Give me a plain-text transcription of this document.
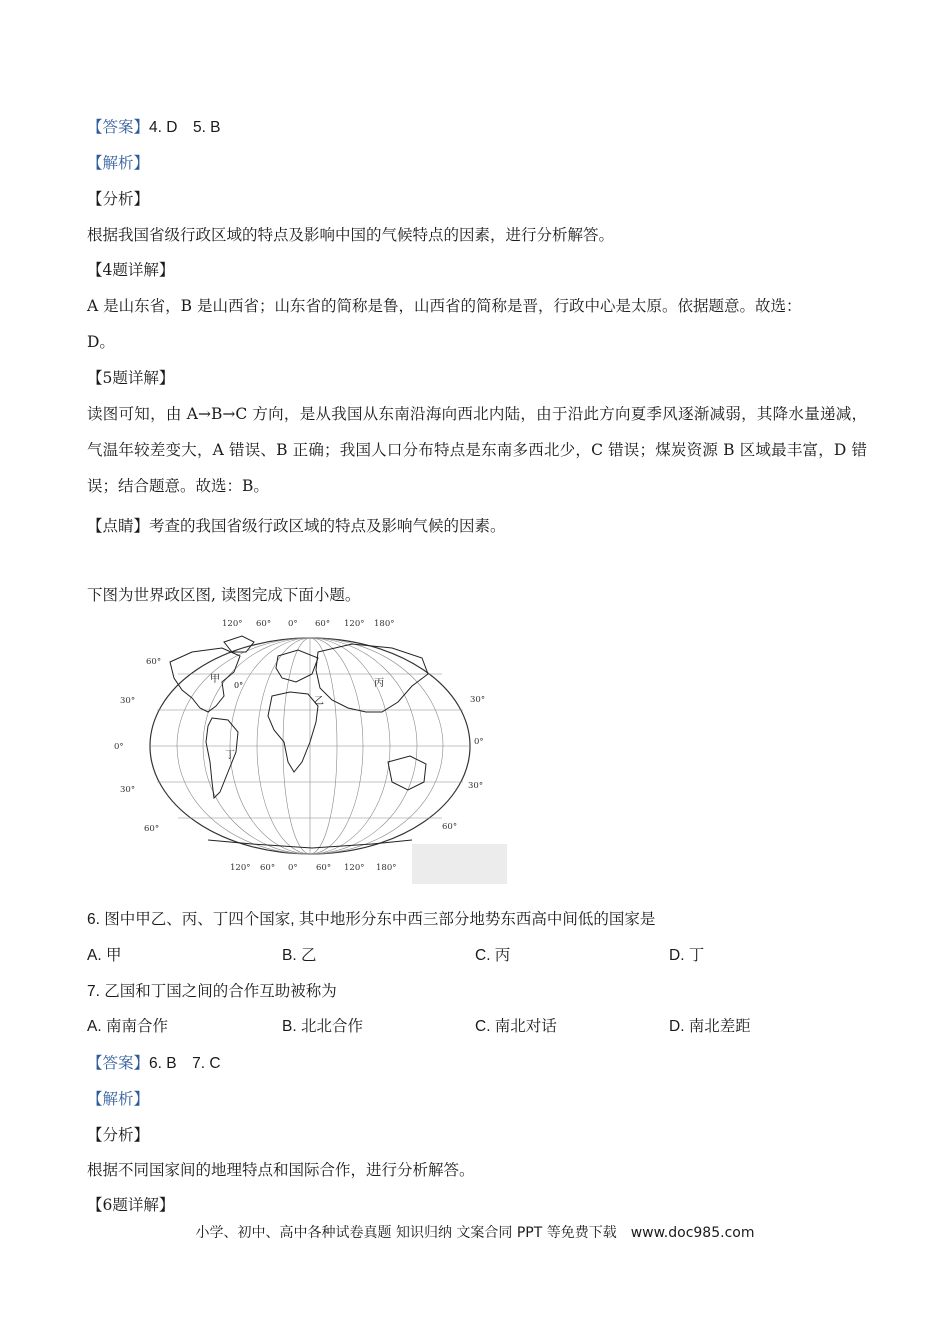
【答案】4. D　5. B
【解析】
【分析】
根据我国省级行政区域的特点及影响中国的气候特点的因素，进行分析解答。
【4题详解】
A 是山东省，B 是山西省；山东省的简称是鲁，山西省的简称是晋，行政中心是太原。依据题意。故选：
D。
【5题详解】
读图可知，由 A→B→C 方向，是从我国从东南沿海向西北内陆，由于沿此方向夏季风逐渐减弱，其降水量递减，气温年较差变大，A 错误、B 正确；我国人口分布特点是东南多西北少，C 错误；煤炭资源 B 区域最丰富，D 错误；结合题意。故选：B。
【点睛】考查的我国省级行政区域的特点及影响气候的因素。
下图为世界政区图, 读图完成下面小题。
丁
丙
乙
甲
0°
120° 60° 0° 60° 120° 180°
120° 60° 0° 60° 120° 180°
60°
30°
0°
30°
60°
30°
0°
30°
60°
6. 图中甲乙、丙、丁四个国家, 其中地形分东中西三部分地势东西高中间低的国家是
A. 甲	B. 乙	C. 丙	D. 丁
7. 乙国和丁国之间的合作互助被称为
A. 南南合作	B. 北北合作	C. 南北对话	D. 南北差距
【答案】6. B　7. C
【解析】
【分析】
根据不同国家间的地理特点和国际合作，进行分析解答。
【6题详解】
小学、初中、高中各种试卷真题 知识归纳 文案合同 PPT 等免费下载　www.doc985.com
